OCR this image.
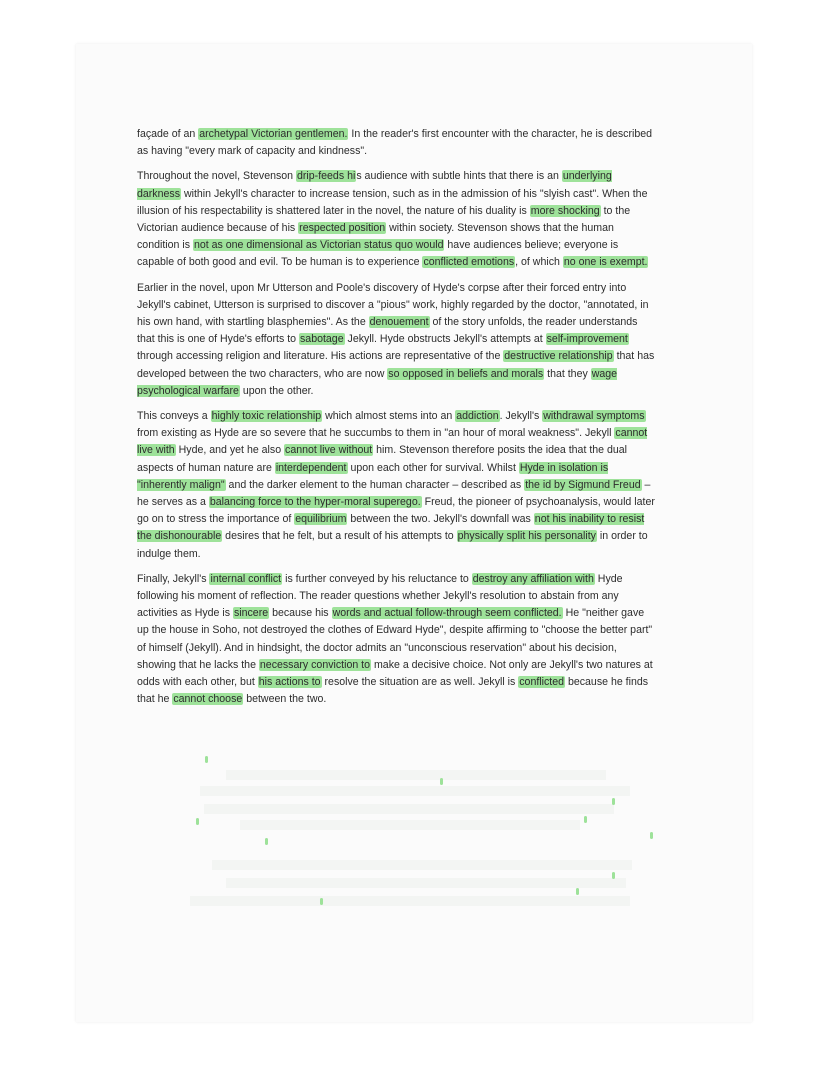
façade of an archetypal Victorian gentlemen. In the reader's first encounter with the character, he is described as having "every mark of capacity and kindness".

Throughout the novel, Stevenson drip-feeds his audience with subtle hints that there is an underlying darkness within Jekyll's character to increase tension, such as in the admission of his "slyish cast". When the illusion of his respectability is shattered later in the novel, the nature of his duality is more shocking to the Victorian audience because of his respected position within society. Stevenson shows that the human condition is not as one dimensional as Victorian status quo would have audiences believe; everyone is capable of both good and evil. To be human is to experience conflicted emotions, of which no one is exempt.

Earlier in the novel, upon Mr Utterson and Poole's discovery of Hyde's corpse after their forced entry into Jekyll's cabinet, Utterson is surprised to discover a "pious" work, highly regarded by the doctor, "annotated, in his own hand, with startling blasphemies". As the denouement of the story unfolds, the reader understands that this is one of Hyde's efforts to sabotage Jekyll. Hyde obstructs Jekyll's attempts at self-improvement through accessing religion and literature. His actions are representative of the destructive relationship that has developed between the two characters, who are now so opposed in beliefs and morals that they wage psychological warfare upon the other.

This conveys a highly toxic relationship which almost stems into an addiction. Jekyll's withdrawal symptoms from existing as Hyde are so severe that he succumbs to them in "an hour of moral weakness". Jekyll cannot live with Hyde, and yet he also cannot live without him. Stevenson therefore posits the idea that the dual aspects of human nature are interdependent upon each other for survival. Whilst Hyde in isolation is "inherently malign" and the darker element to the human character – described as the id by Sigmund Freud – he serves as a balancing force to the hyper-moral superego. Freud, the pioneer of psychoanalysis, would later go on to stress the importance of equilibrium between the two. Jekyll's downfall was not his inability to resist the dishonourable desires that he felt, but a result of his attempts to physically split his personality in order to indulge them.

Finally, Jekyll's internal conflict is further conveyed by his reluctance to destroy any affiliation with Hyde following his moment of reflection. The reader questions whether Jekyll's resolution to abstain from any activities as Hyde is sincere because his words and actual follow-through seem conflicted. He "neither gave up the house in Soho, not destroyed the clothes of Edward Hyde", despite affirming to "choose the better part" of himself (Jekyll). And in hindsight, the doctor admits an "unconscious reservation" about his decision, showing that he lacks the necessary conviction to make a decisive choice. Not only are Jekyll's two natures at odds with each other, but his actions to resolve the situation are as well. Jekyll is conflicted because he finds that he cannot choose between the two.
